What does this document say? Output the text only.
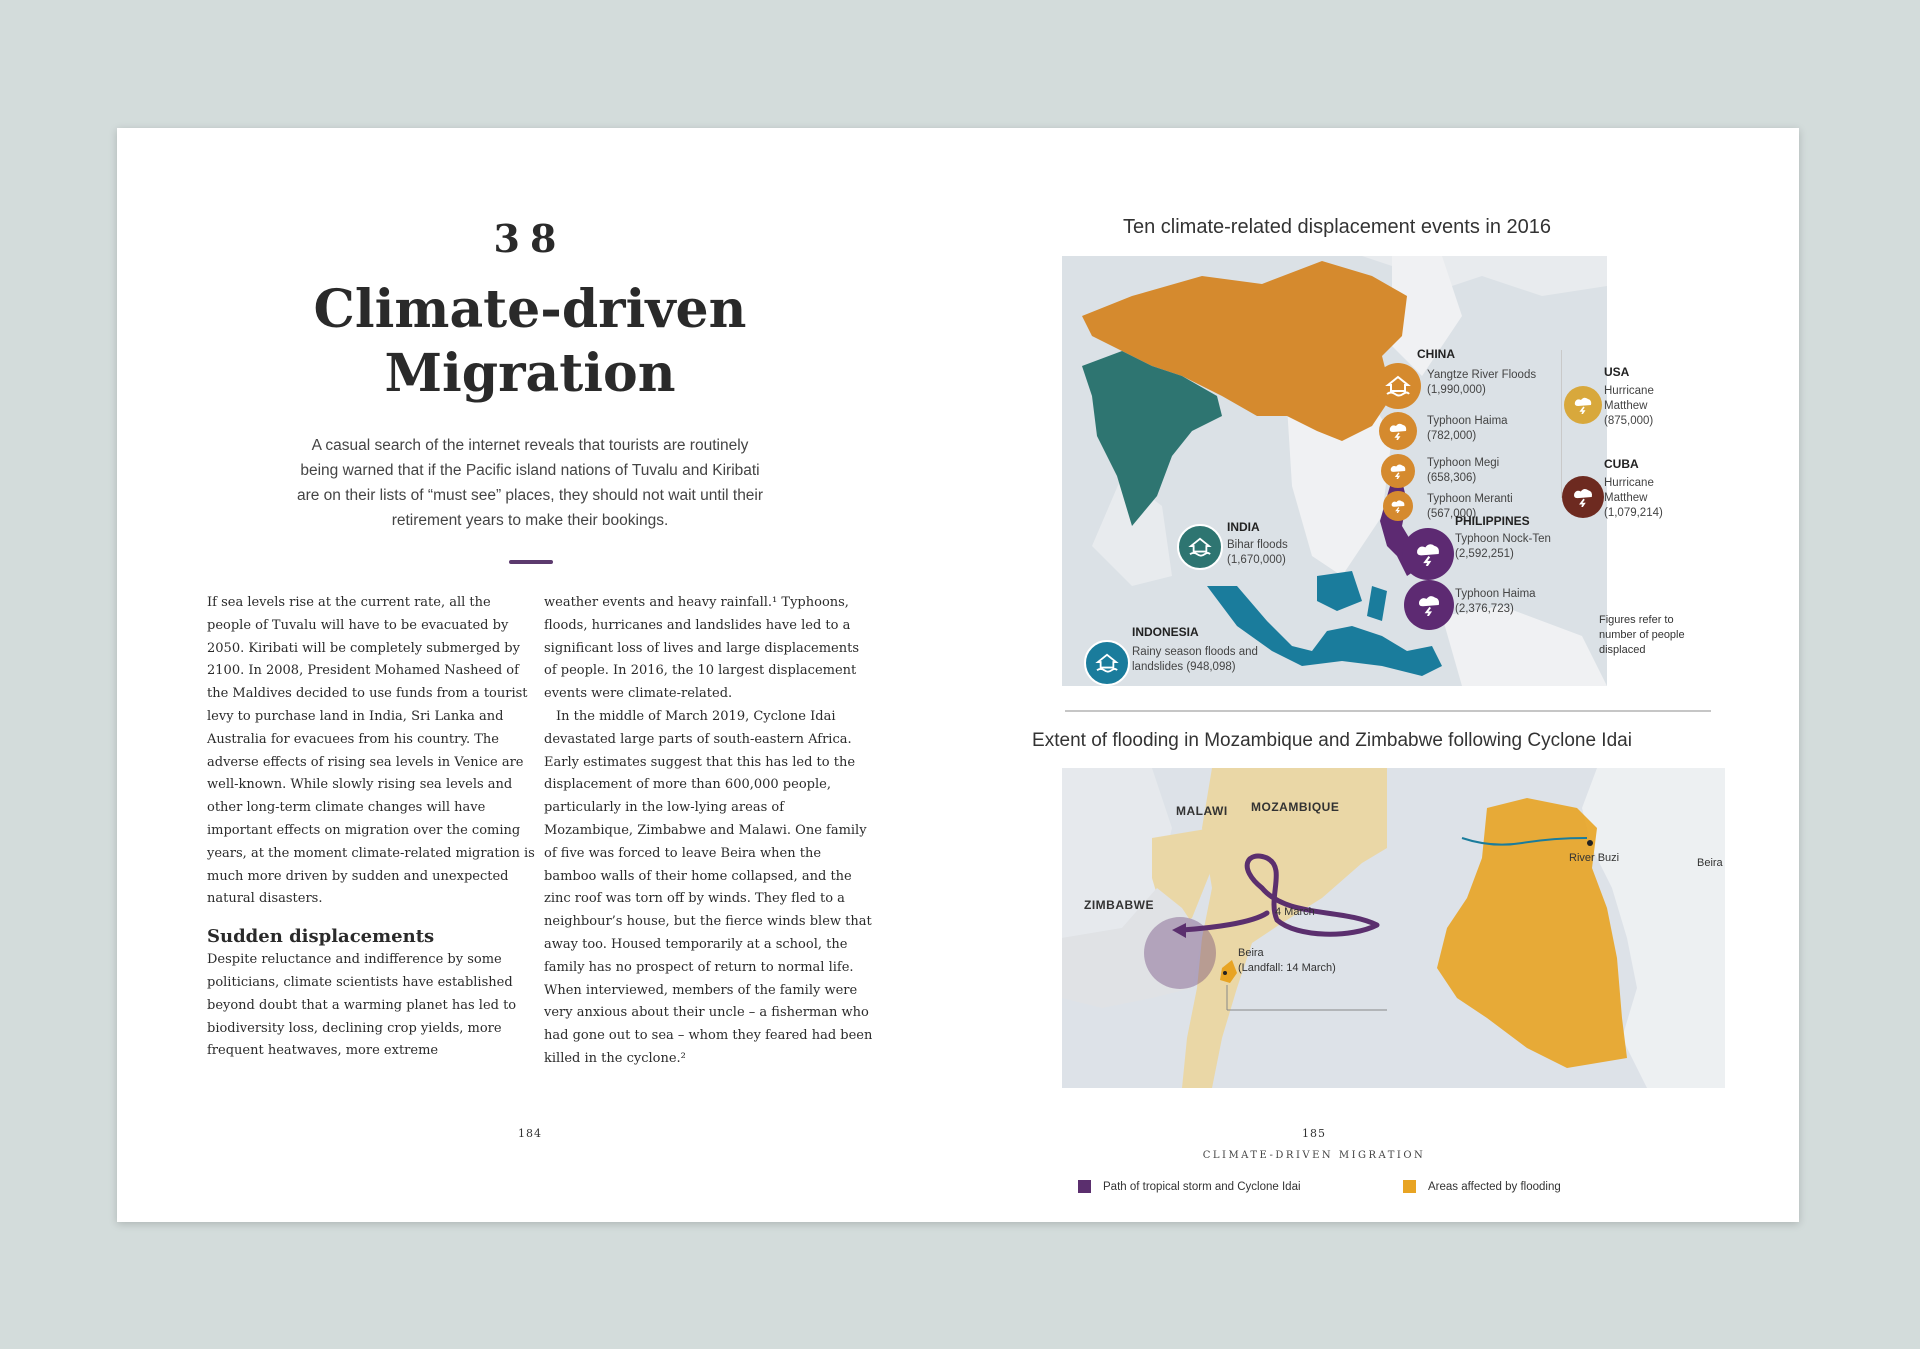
38
Climate-driven
Migration
A casual search of the internet reveals that tourists are routinely being warned that if the Pacific island nations of Tuvalu and Kiribati are on their lists of “must see” places, they should not wait until their retirement years to make their bookings.

If sea levels rise at the current rate, all the people of Tuvalu will have to be evacuated by 2050. Kiribati will be completely submerged by 2100. In 2008, President Mohamed Nasheed of the Maldives decided to use funds from a tourist levy to purchase land in India, Sri Lanka and Australia for evacuees from his country. The adverse effects of rising sea levels in Venice are well-known. While slowly rising sea levels and other long-term climate changes will have important effects on migration over the coming years, at the moment climate-related migration is much more driven by sudden and unexpected natural disasters.

Sudden displacements

Despite reluctance and indifference by some politicians, climate scientists have established beyond doubt that a warming planet has led to biodiversity loss, declining crop yields, more frequent heatwaves, more extreme

weather events and heavy rainfall.¹ Typhoons, floods, hurricanes and landslides have led to a significant loss of lives and large displacements of people. In 2016, the 10 largest displacement events were climate-related.

In the middle of March 2019, Cyclone Idai devastated large parts of south-eastern Africa. Early estimates suggest that this has led to the displacement of more than 600,000 people, particularly in the low-lying areas of Mozambique, Zimbabwe and Malawi. One family of five was forced to leave Beira when the bamboo walls of their home collapsed, and the zinc roof was torn off by winds. They fled to a neighbour’s house, but the fierce winds blew that away too. Housed temporarily at a school, the family has no prospect of return to normal life. When interviewed, members of the family were very anxious about their uncle – a fisherman who had gone out to sea – whom they feared had been killed in the cyclone.²

184
Ten climate-related displacement events in 2016
CHINA
Yangtze River Floods (1,990,000)
Typhoon Haima (782,000)
Typhoon Megi (658,306)
Typhoon Meranti (567,000)
USA
Hurricane Matthew (875,000)
CUBA
Hurricane Matthew (1,079,214)
INDIA
Bihar floods (1,670,000)
PHILIPPINES
Typhoon Nock-Ten (2,592,251)
Typhoon Haima (2,376,723)
INDONESIA
Rainy season floods and landslides (948,098)
Figures refer to number of people displaced
Extent of flooding in Mozambique and Zimbabwe following Cyclone Idai
MALAWI MOZAMBIQUE
ZIMBABWE	4 March
Beira
(Landfall: 14 March)
Path of tropical storm and Cyclone Idai
River Buzi	Beira
Areas affected by flooding
185
CLIMATE-DRIVEN MIGRATION
